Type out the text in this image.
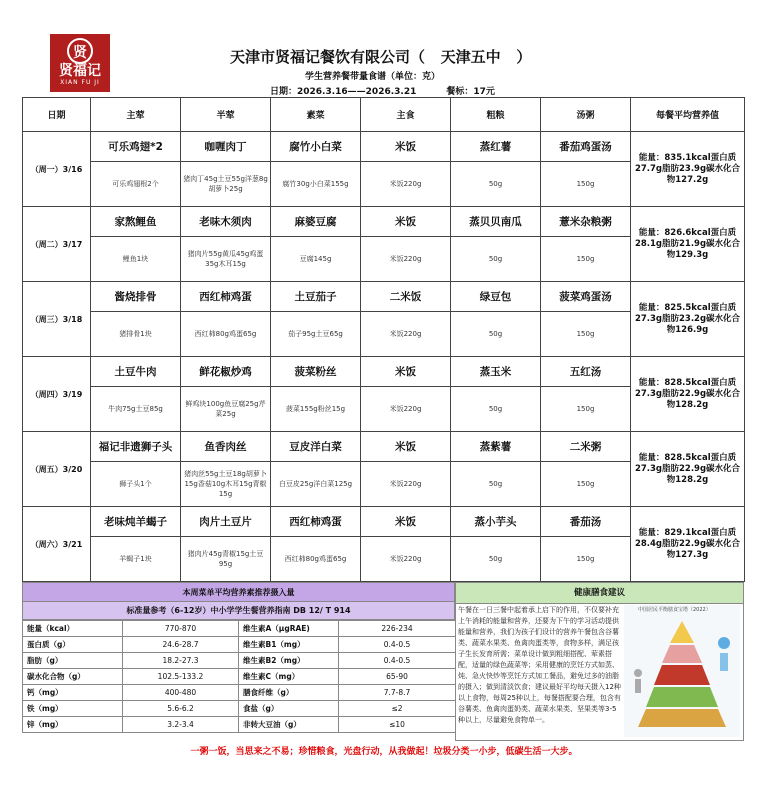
贤
贤福记
XIAN FU JI
天津市贤福记餐饮有限公司（   天津五中   ）
学生营养餐带量食谱（单位：克）
日期：2026.3.16——2026.3.21	餐标：17元
日期	主荤	半荤	素菜	主食	粗粮	汤粥	每餐平均营养值
（周一）3/16	可乐鸡翅*2	咖喱肉丁	腐竹小白菜	米饭	蒸红薯	番茄鸡蛋汤	能量：835.1kcal蛋白质27.7g脂肪23.9g碳水化合物127.2g
	可乐鸡翅根2个	猪肉丁45g土豆55g洋葱8g胡萝卜25g	腐竹30g小白菜155g	米饭220g	50g	150g	
（周二）3/17	家熬鲤鱼	老味木须肉	麻婆豆腐	米饭	蒸贝贝南瓜	薏米杂粮粥	能量：826.6kcal蛋白质28.1g脂肪21.9g碳水化合物129.3g
	鲤鱼1块	猪肉片55g黄瓜45g鸡蛋35g木耳15g	豆腐145g	米饭220g	50g	150g	
（周三）3/18	酱烧排骨	西红柿鸡蛋	土豆茄子	二米饭	绿豆包	菠菜鸡蛋汤	能量：825.5kcal蛋白质27.3g脂肪23.2g碳水化合物126.9g
	猪排骨1块	西红柿80g鸡蛋65g	茄子95g土豆65g	米饭220g	50g	150g	
（周四）3/19	土豆牛肉	鲜花椒炒鸡	菠菜粉丝	米饭	蒸玉米	五红汤	能量：828.5kcal蛋白质27.3g脂肪22.9g碳水化合物128.2g
	牛肉75g土豆85g	鲜鸡块100g鱼豆腐25g芹菜25g	菠菜155g粉丝15g	米饭220g	50g	150g	
（周五）3/20	福记非遗狮子头	鱼香肉丝	豆皮洋白菜	米饭	蒸紫薯	二米粥	能量：828.5kcal蛋白质27.3g脂肪22.9g碳水化合物128.2g
	狮子头1个	猪肉丝55g土豆18g胡萝卜15g香菇10g木耳15g青椒15g	白豆皮25g洋白菜125g	米饭220g	50g	150g	
（周六）3/21	老味炖羊蝎子	肉片土豆片	西红柿鸡蛋	米饭	蒸小芋头	番茄汤	能量：829.1kcal蛋白质28.4g脂肪22.9g碳水化合物127.3g
	羊蝎子1块	猪肉片45g青椒15g土豆95g	西红柿80g鸡蛋65g	米饭220g	50g	150g	
本周菜单平均营养素推荐摄入量
标准量参考（6-12岁）中小学学生餐营养指南 DB 12/ T 914
能量（kcal）	770-870	维生素A（μgRAE)	226-234
蛋白质（g）	24.6-28.7	维生素B1（mg）	0.4-0.5
脂肪（g）	18.2-27.3	维生素B2（mg）	0.4-0.5
碳水化合物（g）	102.5-133.2	维生素C（mg）	65-90
钙（mg）	400-480	膳食纤维（g）	7.7-8.7
铁（mg）	5.6-6.2	食盐（g）	≤2
锌（mg）	3.2-3.4	非转大豆油（g）	≤10
健康膳食建议
午餐在一日三餐中起着承上启下的作用，不仅要补充上午消耗的能量和营养，还要为下午的学习活动提供能量和营养，我们为孩子们设计的营养午餐包含谷薯类、蔬菜水果类、鱼禽肉蛋类等，食物多样，满足孩子生长发育所需；菜单设计做到粗细搭配、荤素搭配，适量的绿色蔬菜等；采用健康的烹饪方式如蒸、炖、急火快炒等烹饪方式加工餐品，避免过多的油脂的摄入；做到清淡饮食；建议最好平均每天摄入12种以上食物，每周25种以上，每餐搭配要合理，包含有谷薯类、鱼禽肉蛋奶类、蔬菜水果类、坚果类等3-5种以上，尽量避免食物单一。
中国居民平衡膳食宝塔（2022）
一粥一饭，当思来之不易；珍惜粮食，光盘行动，从我做起！垃圾分类一小步，低碳生活一大步。
